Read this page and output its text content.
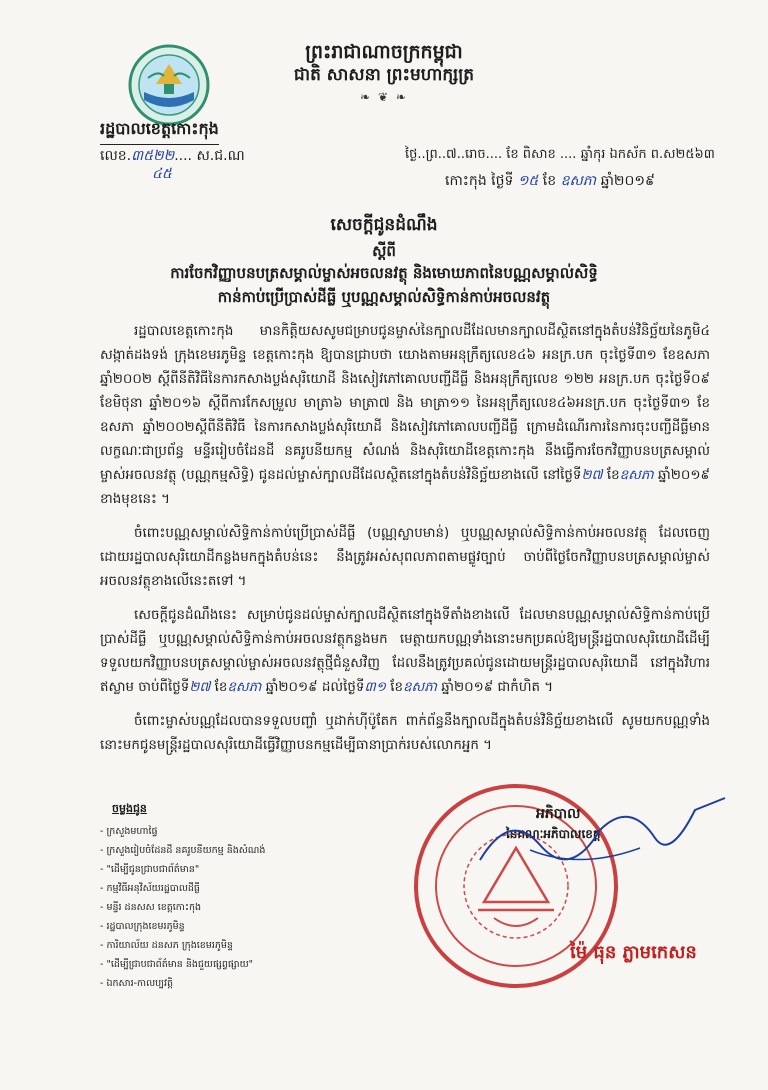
ព្រះរាជាណាចក្រកម្ពុជា
ជាតិ សាសនា ព្រះមហាក្សត្រ
❧ ❦ ❧
រដ្ឋបាលខេត្តកោះកុង
លេខ.៣៥២២.... ស.ជ.ណ
៤៥
ថ្ងៃ..ព្រ..៧..រោច.... ខែ ពិសាខ .... ឆ្នាំកុរ ឯកស័ក ព.ស២៥៦៣
កោះកុង ថ្ងៃទី ១៥ ខែ ឧសភា ឆ្នាំ២០១៩
សេចក្តីជូនដំណឹង
ស្តីពី
ការចែកវិញ្ញាបនបត្រសម្គាល់ម្ចាស់អចលនវត្ថុ និងមោឃភាពនៃបណ្ណសម្គាល់សិទ្ធិ
កាន់កាប់ប្រើប្រាស់ដីធ្លី ឬបណ្ណសម្គាល់សិទ្ធិកាន់កាប់អចលនវត្ថុ

រដ្ឋបាលខេត្តកោះកុង មានកិត្តិយសសូមជម្រាបជូនម្ចាស់នៃក្បាលដីដែលមានក្បាលដីស្ថិតនៅក្នុងតំបន់វិនិច្ឆ័យនៃភូមិ៤ សង្កាត់ដងទង់ ក្រុងខេមរភូមិន្ទ ខេត្តកោះកុង ឱ្យបានជ្រាបថា យោងតាមអនុក្រឹត្យលេខ៤៦ អនក្រ.បក ចុះថ្ងៃទី៣១ ខែឧសភា ឆ្នាំ២០០២ ស្តីពីនីតិវិធីនៃការកសាងប្លង់សុរិយោដី និងសៀវភៅគោលបញ្ជីដីធ្លី និងអនុក្រឹត្យលេខ ១២២ អនក្រ.បក ចុះថ្ងៃទី០៩ ខែមិថុនា ឆ្នាំ២០១៦ ស្តីពីការកែសម្រួល មាត្រា៦ មាត្រា៧ និង មាត្រា១១ នៃអនុក្រឹត្យលេខ៤៦អនក្រ.បក ចុះថ្ងៃទី៣១ ខែឧសភា ឆ្នាំ២០០២ស្តីពីនីតិវិធី នៃការកសាងប្លង់សុរិយោដី និងសៀវភៅគោលបញ្ជីដីធ្លី ក្រោមដំណើរការនៃការចុះបញ្ជីដីធ្លីមានលក្ខណៈជាប្រព័ន្ធ មន្ទីររៀបចំដែនដី នគរូបនីយកម្ម សំណង់ និងសុរិយោដីខេត្តកោះកុង នឹងធ្វើការចែកវិញ្ញាបនបត្រសម្គាល់ ម្ចាស់អចលនវត្ថុ (បណ្ណកម្មសិទ្ធិ) ជូនដល់ម្ចាស់ក្បាលដីដែលស្ថិតនៅក្នុងតំបន់វិនិច្ឆ័យខាងលើ នៅថ្ងៃទី២៧ ខែឧសភា ឆ្នាំ២០១៩ ខាងមុខនេះ ។

ចំពោះបណ្ណសម្គាល់សិទ្ធិកាន់កាប់ប្រើប្រាស់ដីធ្លី (បណ្ណស្លាបមាន់) ឬបណ្ណសម្គាល់សិទ្ធិកាន់កាប់អចលនវត្ថុ ដែលចេញដោយរដ្ឋបាលសុរិយោដីកន្លងមកក្នុងតំបន់នេះ នឹងត្រូវអស់សុពលភាពតាមផ្លូវច្បាប់ ចាប់ពីថ្ងៃចែកវិញ្ញាបនបត្រសម្គាល់ម្ចាស់អចលនវត្ថុខាងលើនេះតទៅ ។

សេចក្តីជូនដំណឹងនេះ សម្រាប់ជូនដល់ម្ចាស់ក្បាលដីស្ថិតនៅក្នុងទីតាំងខាងលើ ដែលមានបណ្ណសម្គាល់សិទ្ធិកាន់កាប់ប្រើប្រាស់ដីធ្លី ឬបណ្ណសម្គាល់សិទ្ធិកាន់កាប់អចលនវត្ថុកន្លងមក មេត្តាយកបណ្ណទាំងនោះមកប្រគល់ឱ្យមន្ត្រីរដ្ឋបាលសុរិយោដីដើម្បីទទួលយកវិញ្ញាបនបត្រសម្គាល់ម្ចាស់អចលនវត្ថុថ្មីជំនួសវិញ ដែលនឹងត្រូវប្រគល់ជូនដោយមន្ត្រីរដ្ឋបាលសុរិយោដី នៅក្នុងវិហារឥស្លាម ចាប់ពីថ្ងៃទី២៧ ខែឧសភា ឆ្នាំ២០១៩ ដល់ថ្ងៃទី៣១ ខែឧសភា ឆ្នាំ២០១៩ ជាកំហិត ។

ចំពោះម្ចាស់បណ្ណដែលបានទទួលបញ្ចាំ ឬដាក់ហ៊ីប៉ូតែក ពាក់ព័ន្ធនឹងក្បាលដីក្នុងតំបន់វិនិច្ឆ័យខាងលើ សូមយកបណ្ណទាំងនោះមកជូនមន្ត្រីរដ្ឋបាលសុរិយោដីធ្វើវិញ្ញាបនកម្មដើម្បីធានាប្រាក់របស់លោកអ្នក ។

ចម្លងជូន
- ក្រសួងមហាផ្ទៃ
- ក្រសួងរៀបចំដែនដី នគរូបនីយកម្ម និងសំណង់
- "ដើម្បីជូនជ្រាបជាព័ត៌មាន"
- កម្មវិធីអនុវិស័យរដ្ឋបាលដីធ្លី
- មន្ទីរ ដនសស ខេត្តកោះកុង
- រដ្ឋបាលក្រុងខេមរភូមិន្ទ
- ការិយាល័យ ដនសភ ក្រុងខេមរភូមិន្ទ
- "ដើម្បីជ្រាបជាព័ត៌មាន និងជួយផ្សព្វផ្សាយ"
- ឯកសារ-កាលប្បវត្តិ
អភិបាល
នៃគណៈអភិបាលខេត្ត
ម៉ៃ ធុន ភ្លាមកេសន
